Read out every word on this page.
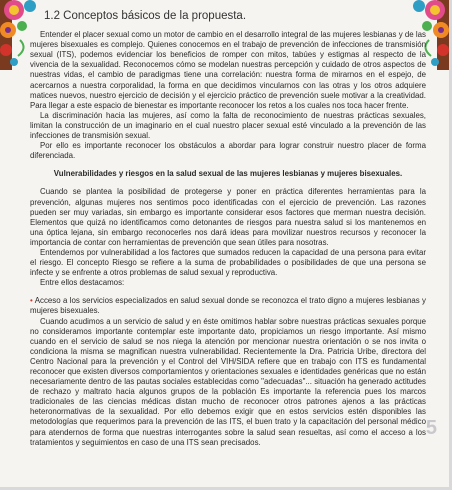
1.2 Conceptos básicos de la propuesta.

Entender el placer sexual como un motor de cambio en el desarrollo integral de las mujeres lesbianas y de las mujeres bisexuales es complejo. Quienes conocemos en el trabajo de prevención de infecciones de transmisión sexual (ITS), podemos evidenciar los beneficios de romper con mitos, tabúes y estigmas al respecto de la vivencia de la sexualidad. Reconocemos cómo se modelan nuestras percepción y cuidado de otros aspectos de nuestras vidas, el cambio de paradigmas tiene una correlación: nuestra forma de mirarnos en el espejo, de acercarnos a nuestra corporalidad, la forma en que decidimos vincularnos con las otras y los otros adquiere matices nuevos, nuestro ejercicio de decisión y el ejercicio práctico de prevención suele motivar a la creatividad. Para llegar a este espacio de bienestar es importante reconocer los retos a los cuales nos toca hacer frente.

La discriminación hacia las mujeres, así como la falta de reconocimiento de nuestras prácticas sexuales, limitan la construcción de un imaginario en el cual nuestro placer sexual esté vinculado a la prevención de las infecciones de transmisión sexual.

Por ello es importante reconocer los obstáculos a abordar para lograr construir nuestro placer de forma diferenciada.

Vulnerabilidades y riesgos en la salud sexual de las mujeres lesbianas y mujeres bisexuales.

Cuando se plantea la posibilidad de protegerse y poner en práctica diferentes herramientas para la prevención, algunas mujeres nos sentimos poco identificadas con el ejercicio de prevención. Las razones pueden ser muy variadas, sin embargo es importante considerar esos factores que merman nuestra decisión. Elementos que quizá no identificamos como detonantes de riesgos para nuestra salud si los mantenemos en una óptica lejana, sin embargo reconocerles nos dará ideas para movilizar nuestros recursos y reconocer la importancia de contar con herramientas de prevención que sean útiles para nosotras.

Entendemos por vulnerabilidad a los factores que sumados reducen la capacidad de una persona para evitar el riesgo. El concepto Riesgo se refiere a la suma de probabilidades o posibilidades de que una persona se infecte y se enfrente a otros problemas de salud sexual y reproductiva.

Entre ellos destacamos:

• Acceso a los servicios especializados en salud sexual donde se reconozca el trato digno a mujeres lesbianas y mujeres bisexuales.

Cuando acudimos a un servicio de salud y en éste omitimos hablar sobre nuestras prácticas sexuales porque no consideramos importante contemplar este importante dato, propiciamos un riesgo importante. Así mismo cuando en el servicio de salud se nos niega la atención por mencionar nuestra orientación o se nos invita o condiciona la misma se magnifican nuestra vulnerabilidad. Recientemente la Dra. Patricia Uribe, directora del Centro Nacional para la prevención y el Control del VIH/SIDA refiere que en trabajo con ITS es fundamental reconocer que existen diversos comportamientos y orientaciones sexuales e identidades genéricas que no están necesariamente dentro de las pautas sociales establecidas como "adecuadas"... situación ha generado actitudes de rechazo y maltrato hacia algunos grupos de la población Es importante la referencia pues los marcos tradicionales de las ciencias médicas distan mucho de reconocer otros patrones ajenos a las prácticas heteronormativas de la sexualidad. Por ello debemos exigir que en estos servicios estén disponibles las metodologías que requerimos para la prevención de las ITS, el buen trato y la capacitación del personal médico para atendernos de forma que nuestras interrogantes sobre la salud sean resueltas, así como el acceso a los tratamientos y seguimientos en caso de una ITS sean precisados.

5
